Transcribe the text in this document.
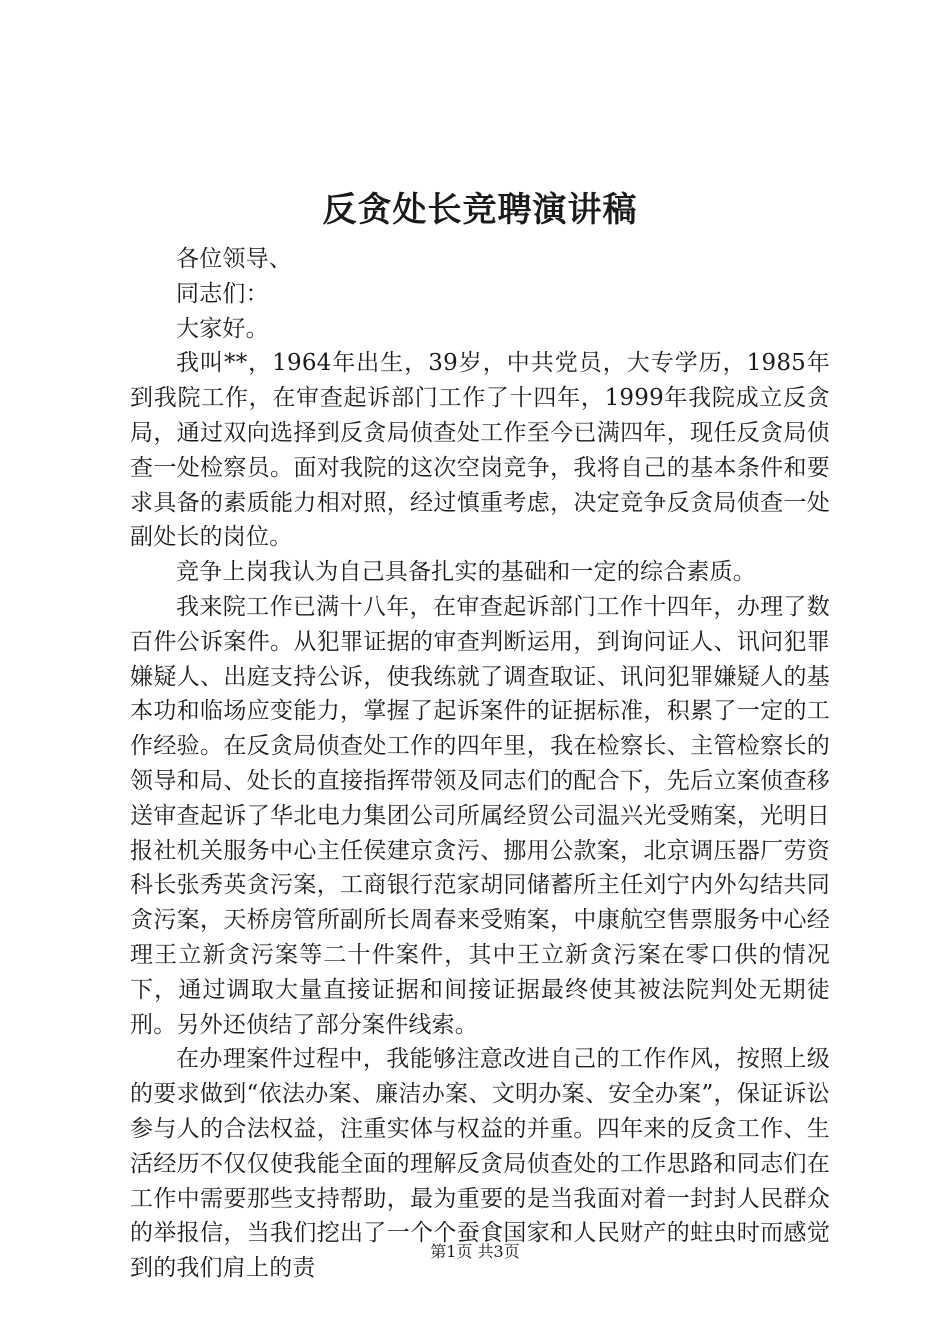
反贪处长竞聘演讲稿

各位领导、

同志们：

大家好。

我叫**，1964年出生，39岁，中共党员，大专学历，1985年到我院工作，在审查起诉部门工作了十四年，1999年我院成立反贪局，通过双向选择到反贪局侦查处工作至今已满四年，现任反贪局侦查一处检察员。面对我院的这次空岗竞争，我将自己的基本条件和要求具备的素质能力相对照，经过慎重考虑，决定竞争反贪局侦查一处副处长的岗位。

竞争上岗我认为自己具备扎实的基础和一定的综合素质。

我来院工作已满十八年，在审查起诉部门工作十四年，办理了数百件公诉案件。从犯罪证据的审查判断运用，到询问证人、讯问犯罪嫌疑人、出庭支持公诉，使我练就了调查取证、讯问犯罪嫌疑人的基本功和临场应变能力，掌握了起诉案件的证据标准，积累了一定的工作经验。在反贪局侦查处工作的四年里，我在检察长、主管检察长的领导和局、处长的直接指挥带领及同志们的配合下，先后立案侦查移送审查起诉了华北电力集团公司所属经贸公司温兴光受贿案，光明日报社机关服务中心主任侯建京贪污、挪用公款案，北京调压器厂劳资科长张秀英贪污案，工商银行范家胡同储蓄所主任刘宁内外勾结共同贪污案，天桥房管所副所长周春来受贿案，中康航空售票服务中心经理王立新贪污案等二十件案件，其中王立新贪污案在零口供的情况下，通过调取大量直接证据和间接证据最终使其被法院判处无期徒刑。另外还侦结了部分案件线索。

在办理案件过程中，我能够注意改进自己的工作作风，按照上级的要求做到“依法办案、廉洁办案、文明办案、安全办案”，保证诉讼参与人的合法权益，注重实体与权益的并重。四年来的反贪工作、生活经历不仅仅使我能全面的理解反贪局侦查处的工作思路和同志们在工作中需要那些支持帮助，最为重要的是当我面对着一封封人民群众的举报信，当我们挖出了一个个蚕食国家和人民财产的蛀虫时而感觉到的我们肩上的责

第1页 共3页
